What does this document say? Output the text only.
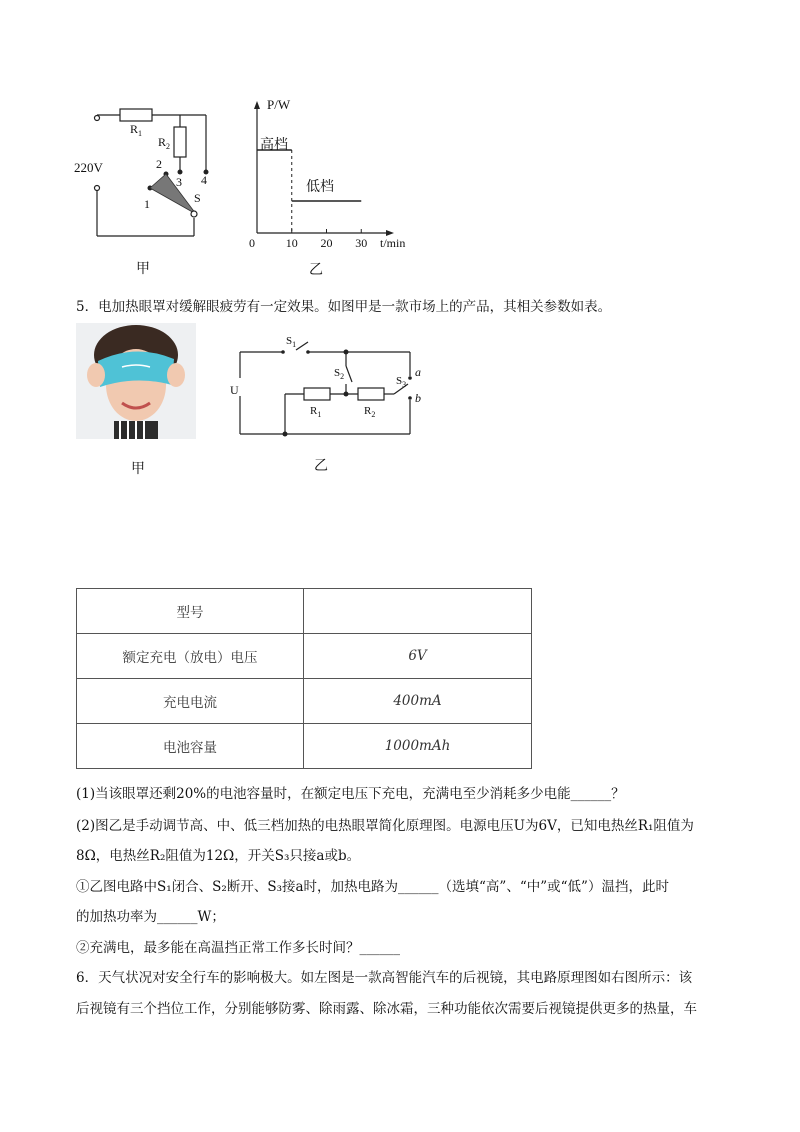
220V
$R_1$
$R_2$
1
2
3 4
S
甲
0	10 20 30
P/W
t/min
高档
低档
乙
5．电加热眼罩对缓解眼疲劳有一定效果。如图甲是一款市场上的产品，其相关参数如表。
甲
U
$S_1$
$S_2$	$S_3$
$R_1$	$R_2$
a
b
乙
型号	
额定充电（放电）电压	6V
充电电流	400mA
电池容量	1000mAh
(1)当该眼罩还剩20%的电池容量时，在额定电压下充电，充满电至少消耗多少电能______？
(2)图乙是手动调节高、中、低三档加热的电热眼罩简化原理图。电源电压U为6V，已知电热丝R₁阻值为
8Ω，电热丝R₂阻值为12Ω，开关S₃只接a或b。
①乙图电路中S₁闭合、S₂断开、S₃接a时，加热电路为______（选填“高”、“中”或“低”）温挡，此时
的加热功率为______W；
②充满电，最多能在高温挡正常工作多长时间？______
6．天气状况对安全行车的影响极大。如左图是一款高智能汽车的后视镜，其电路原理图如右图所示：该
后视镜有三个挡位工作，分别能够防雾、除雨露、除冰霜，三种功能依次需要后视镜提供更多的热量，车
